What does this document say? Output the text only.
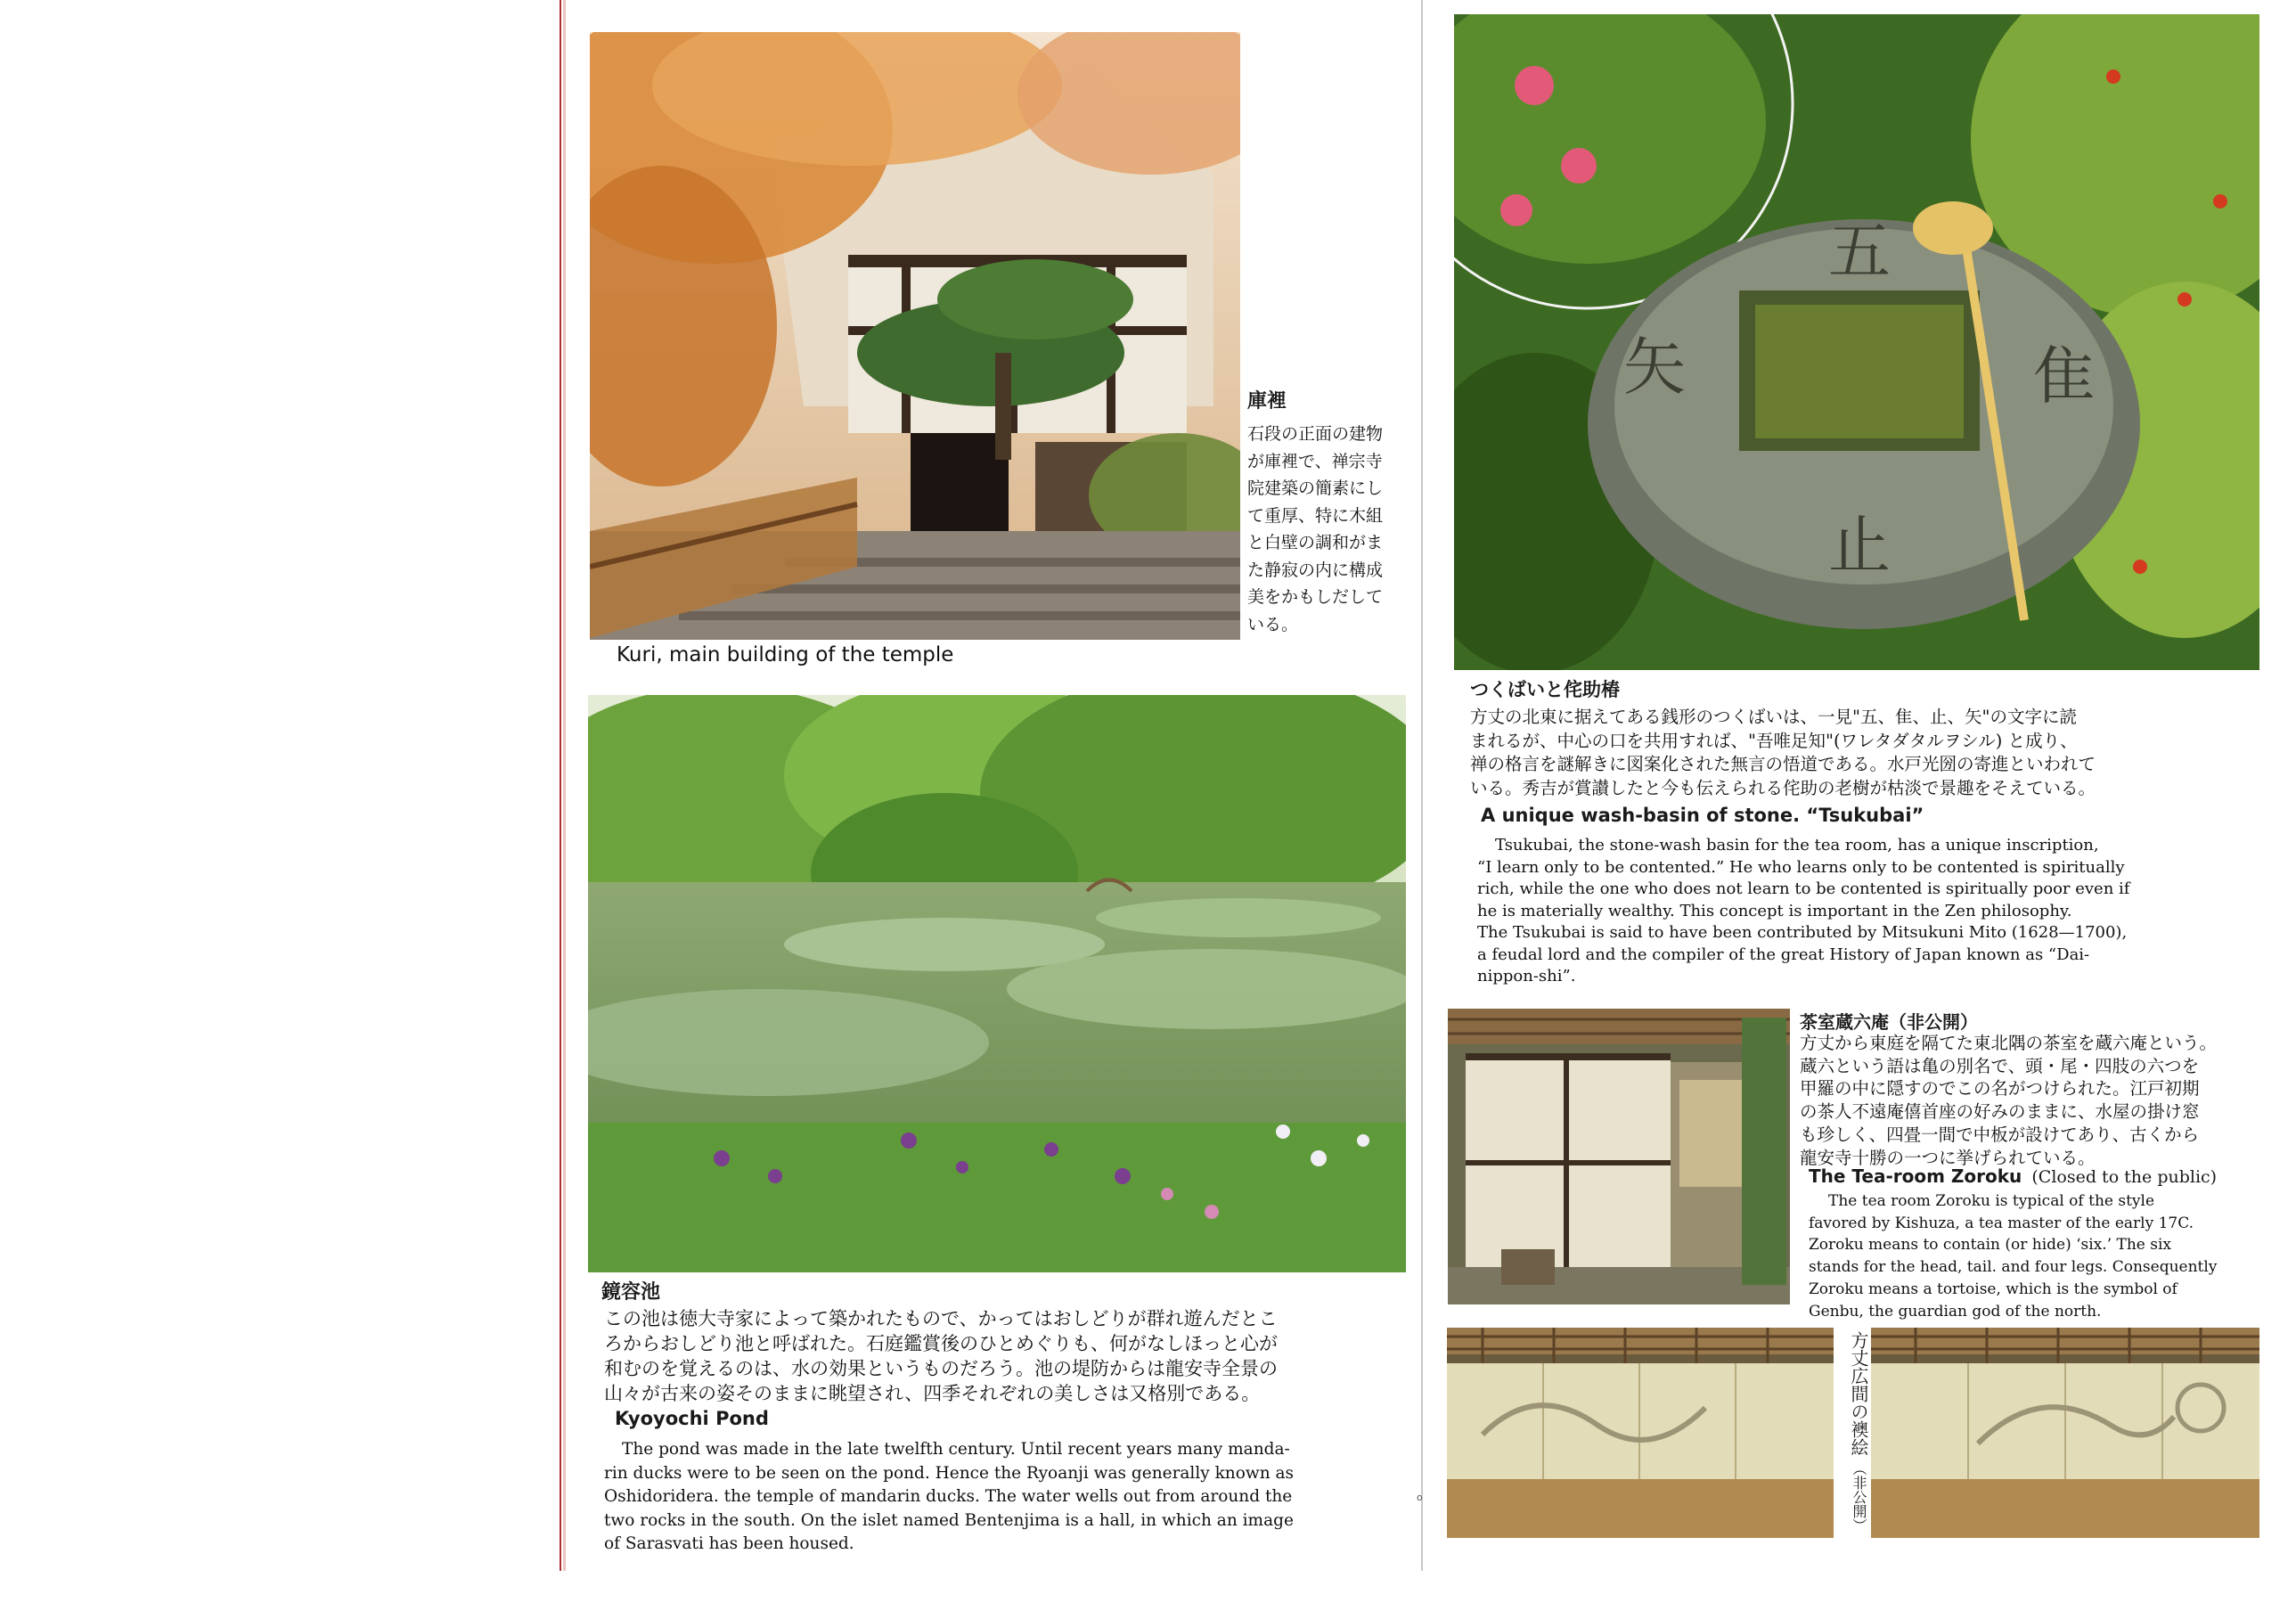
庫裡
石段の正面の建物
が庫裡で、禅宗寺
院建築の簡素にし
て重厚、特に木組
と白壁の調和がま
た静寂の内に構成
美をかもしだして
いる。
Kuri, main building of the temple
鏡容池
この池は徳大寺家によって築かれたもので、かってはおしどりが群れ遊んだとこ
ろからおしどり池と呼ばれた。石庭鑑賞後のひとめぐりも、何がなしほっと心が
和むのを覚えるのは、水の効果というものだろう。池の堤防からは龍安寺全景の
山々が古来の姿そのままに眺望され、四季それぞれの美しさは又格別である。
Kyoyochi Pond
The pond was made in the late twelfth century. Until recent years many manda-
rin ducks were to be seen on the pond. Hence the Ryoanji was generally known as
Oshidoridera. the temple of mandarin ducks. The water wells out from around the
two rocks in the south. On the islet named Bentenjima is a hall, in which an image
of Sarasvati has been housed.
五
隹
止
矢
つくばいと侘助椿
方丈の北東に据えてある銭形のつくばいは、一見"五、隹、止、矢"の文字に読
まれるが、中心の口を共用すれば、"吾唯足知"(ワレタダタルヲシル) と成り、
禅の格言を謎解きに図案化された無言の悟道である。水戸光圀の寄進といわれて
いる。秀吉が賞讃したと今も伝えられる侘助の老樹が枯淡で景趣をそえている。
A unique wash-basin of stone. “Tsukubai”
Tsukubai, the stone-wash basin for the tea room, has a unique inscription,
“I learn only to be contented.” He who learns only to be contented is spiritually
rich, while the one who does not learn to be contented is spiritually poor even if
he is materially wealthy. This concept is important in the Zen philosophy.
The Tsukubai is said to have been contributed by Mitsukuni Mito (1628—1700),
a feudal lord and the compiler of the great History of Japan known as “Dai-
nippon-shi”.
茶室蔵六庵（非公開）
方丈から東庭を隔てた東北隅の茶室を蔵六庵という。
蔵六という語は亀の別名で、頭・尾・四肢の六つを
甲羅の中に隠すのでこの名がつけられた。江戸初期
の茶人不遠庵僖首座の好みのままに、水屋の掛け窓
も珍しく、四畳一間で中板が設けてあり、古くから
龍安寺十勝の一つに挙げられている。
The Tea-room Zoroku (Closed to the public)
The tea room Zoroku is typical of the style
favored by Kishuza, a tea master of the early 17C.
Zoroku means to contain (or hide) ‘six.’ The six
stands for the head, tail. and four legs. Consequently
Zoroku means a tortoise, which is the symbol of
Genbu, the guardian god of the north.
方丈広間の襖絵
（非公開）
o
